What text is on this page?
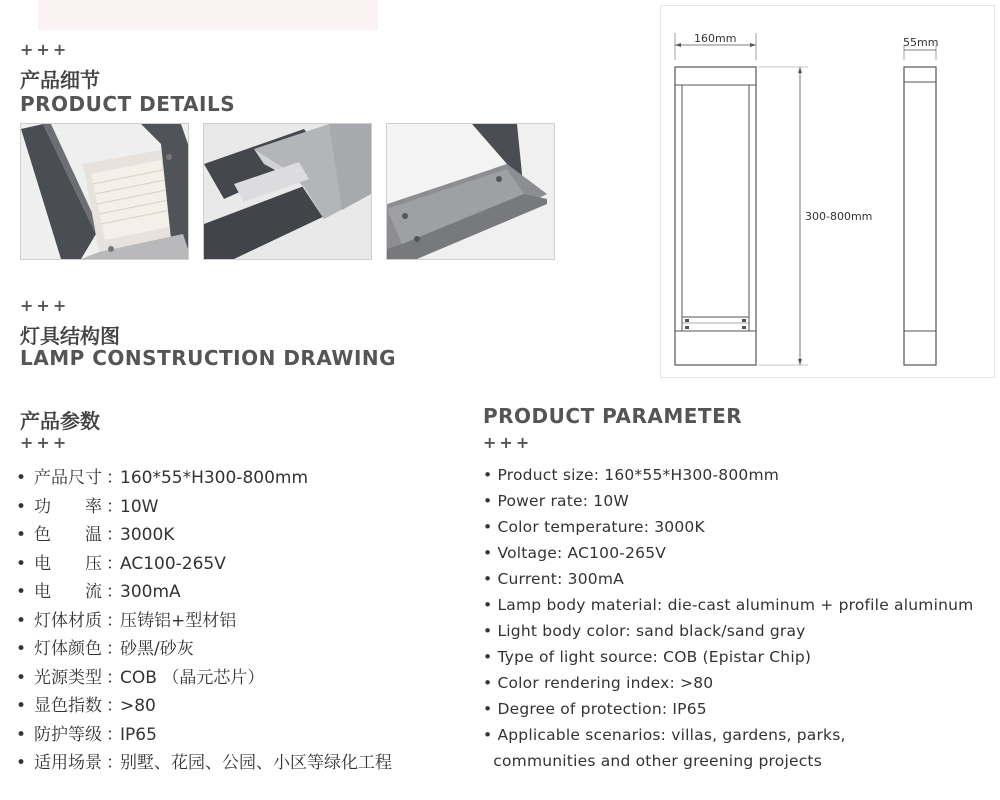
+++
产品细节
PRODUCT DETAILS
+++
灯具结构图
LAMP CONSTRUCTION DRAWING
160mm	55mm
300-800mm
产品参数
+++
• 产品尺寸 ：160*55*H300-800mm
• 功　　率 ：10W
• 色　　温 ：3000K
• 电　　压 ：AC100-265V
• 电　　流 ：300mA
• 灯体材质 ：压铸铝+型材铝
• 灯体颜色 ：砂黑/砂灰
• 光源类型 ：COB （晶元芯片）
• 显色指数 ：>80
• 防护等级 ：IP65
• 适用场景 ：别墅、花园、公园、小区等绿化工程
PRODUCT PARAMETER
+++
• Product size: 160*55*H300-800mm
• Power rate: 10W
• Color temperature: 3000K
• Voltage: AC100-265V
• Current: 300mA
• Lamp body material: die-cast aluminum + profile aluminum
• Light body color: sand black/sand gray
• Type of light source: COB (Epistar Chip)
• Color rendering index: >80
• Degree of protection: IP65
• Applicable scenarios: villas, gardens, parks,
communities and other greening projects
